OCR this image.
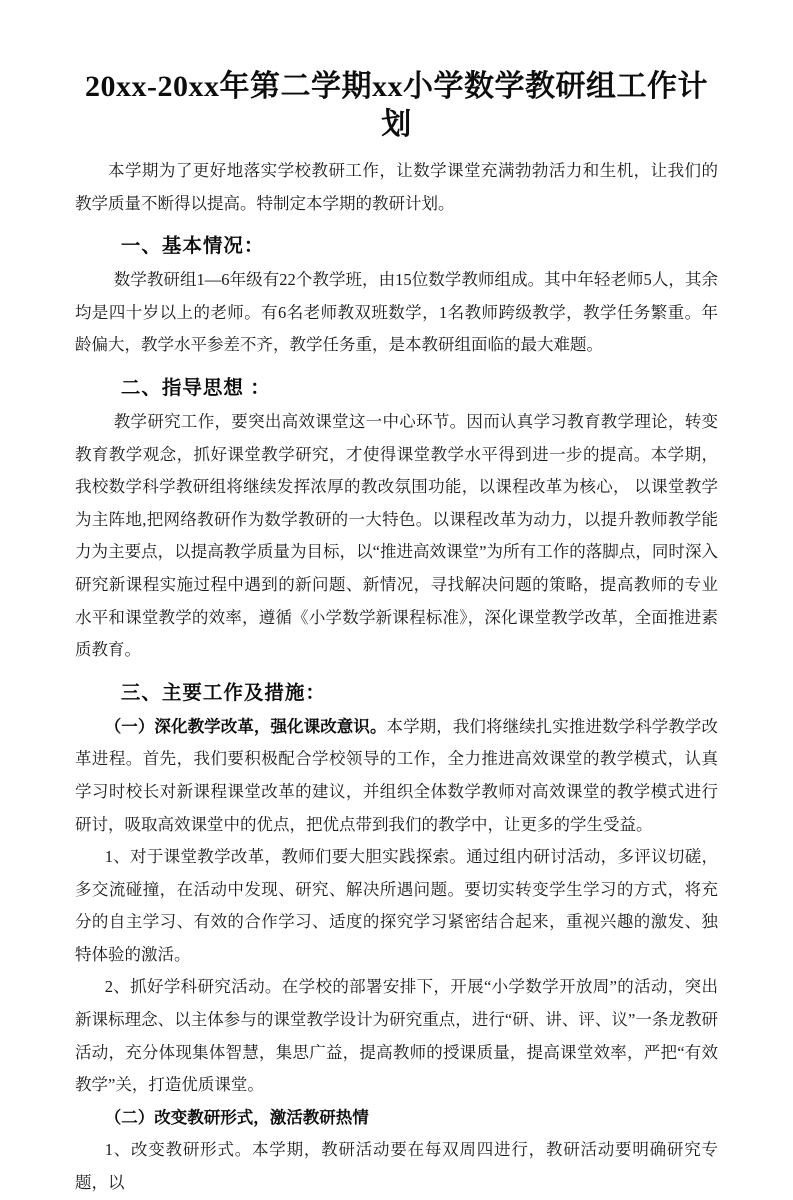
20xx-20xx年第二学期xx小学数学教研组工作计划

本学期为了更好地落实学校教研工作，让数学课堂充满勃勃活力和生机，让我们的教学质量不断得以提高。特制定本学期的教研计划。

一、基本情况：

数学教研组1—6年级有22个教学班，由15位数学教师组成。其中年轻老师5人，其余均是四十岁以上的老师。有6名老师教双班数学，1名教师跨级教学，教学任务繁重。年龄偏大，教学水平参差不齐，教学任务重，是本教研组面临的最大难题。

二、指导思想 ：

教学研究工作，要突出高效课堂这一中心环节。因而认真学习教育教学理论，转变教育教学观念，抓好课堂教学研究，才使得课堂教学水平得到进一步的提高。本学期，我校数学科学教研组将继续发挥浓厚的教改氛围功能，以课程改革为核心， 以课堂教学为主阵地,把网络教研作为数学教研的一大特色。以课程改革为动力，以提升教师教学能力为主要点，以提高教学质量为目标，以“推进高效课堂”为所有工作的落脚点，同时深入研究新课程实施过程中遇到的新问题、新情况，寻找解决问题的策略，提高教师的专业水平和课堂教学的效率，遵循《小学数学新课程标准》，深化课堂教学改革，全面推进素质教育。

三、主要工作及措施：

（一）深化教学改革，强化课改意识。本学期，我们将继续扎实推进数学科学教学改革进程。首先，我们要积极配合学校领导的工作，全力推进高效课堂的教学模式，认真学习时校长对新课程课堂改革的建议，并组织全体数学教师对高效课堂的教学模式进行研讨，吸取高效课堂中的优点，把优点带到我们的教学中，让更多的学生受益。

1、对于课堂教学改革，教师们要大胆实践探索。通过组内研讨活动，多评议切磋，多交流碰撞，在活动中发现、研究、解决所遇问题。要切实转变学生学习的方式，将充分的自主学习、有效的合作学习、适度的探究学习紧密结合起来，重视兴趣的激发、独特体验的激活。

2、抓好学科研究活动。在学校的部署安排下，开展“小学数学开放周”的活动，突出新课标理念、以主体参与的课堂教学设计为研究重点，进行“研、讲、评、议”一条龙教研活动，充分体现集体智慧，集思广益，提高教师的授课质量，提高课堂效率，严把“有效教学”关，打造优质课堂。

（二）改变教研形式，激活教研热情

1、改变教研形式。本学期，教研活动要在每双周四进行，教研活动要明确研究专题，以
